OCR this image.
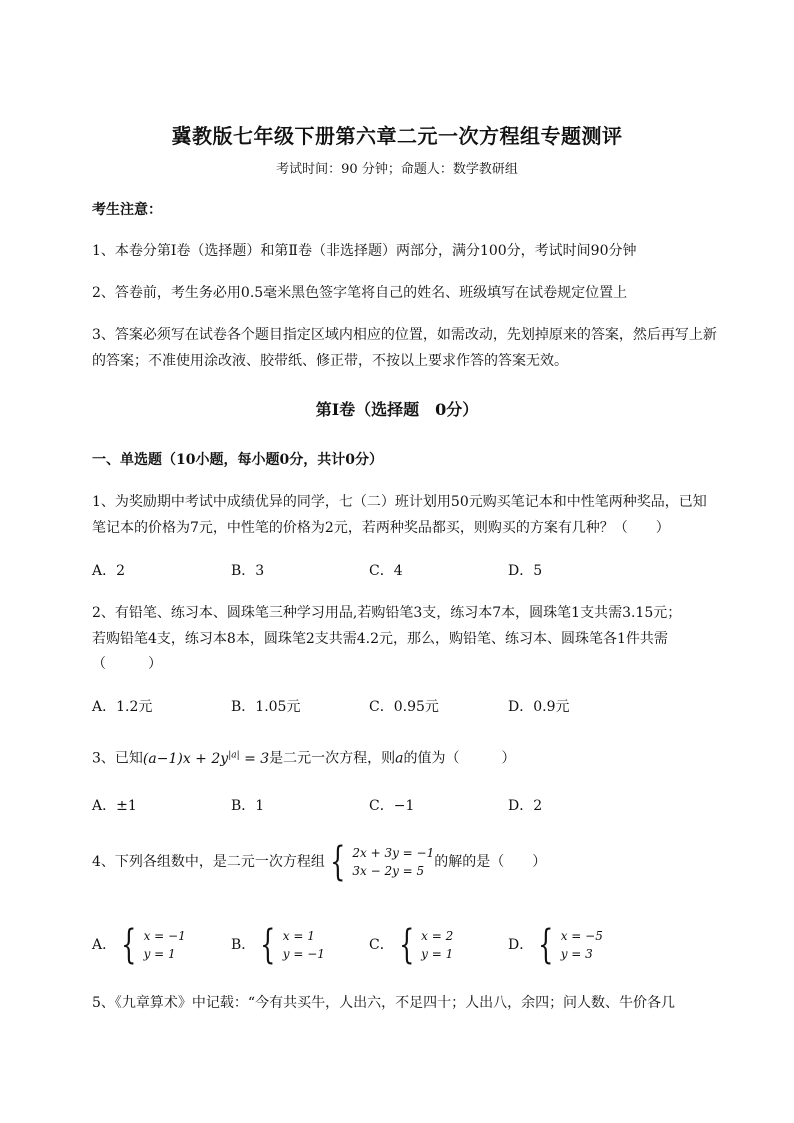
冀教版七年级下册第六章二元一次方程组专题测评
考试时间：90 分钟；命题人：数学教研组
考生注意：
1、本卷分第Ⅰ卷（选择题）和第Ⅱ卷（非选择题）两部分，满分100分，考试时间90分钟
2、答卷前，考生务必用0.5毫米黑色签字笔将自己的姓名、班级填写在试卷规定位置上
3、答案必须写在试卷各个题目指定区域内相应的位置，如需改动，先划掉原来的答案，然后再写上新
的答案；不准使用涂改液、胶带纸、修正带，不按以上要求作答的答案无效。
第Ⅰ卷（选择题　0分）
一、单选题（10小题，每小题0分，共计0分）
1、为奖励期中考试中成绩优异的同学，七（二）班计划用50元购买笔记本和中性笔两种奖品，已知
笔记本的价格为7元，中性笔的价格为2元，若两种奖品都买，则购买的方案有几种？（　　）
A．2	B．3	C．4	D．5
2、有铅笔、练习本、圆珠笔三种学习用品,若购铅笔3支，练习本7本，圆珠笔1支共需3.15元；
若购铅笔4支，练习本8本，圆珠笔2支共需4.2元，那么，购铅笔、练习本、圆珠笔各1件共需
（　　　）
A．1.2元	B．1.05元	C．0.95元	D．0.9元
3、已知$(a-1)x + 2y^{|a|} = 3$是二元一次方程，则a的值为（　　　）
A．±1	B．1	C．−1	D．2
4、下列各组数中，是二元一次方程组 { 2x + 3y = −1
3x − 2y = 5
的解的是（　　）
A． { x = −1
y = 1
B． { x = 1
y = −1
C． { x = 2
y = 1
D． { x = −5
y = 3
5、《九章算术》中记载：“今有共买牛，人出六，不足四十；人出八，余四；问人数、牛价各几
